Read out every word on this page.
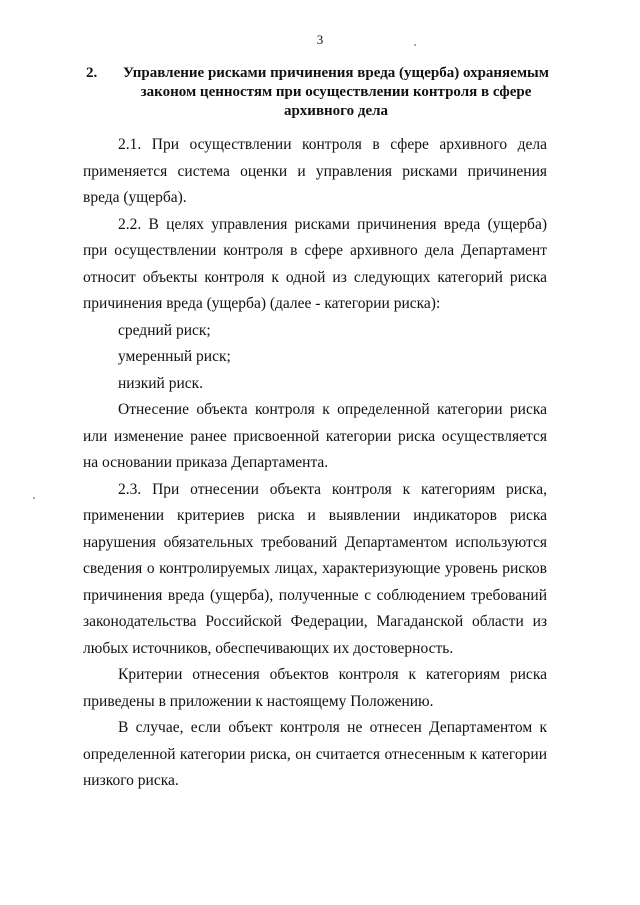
3
2. Управление рисками причинения вреда (ущерба) охраняемым законом ценностям при осуществлении контроля в сфере архивного дела

2.1. При осуществлении контроля в сфере архивного дела применяется система оценки и управления рисками причинения вреда (ущерба).

2.2. В целях управления рисками причинения вреда (ущерба) при осуществлении контроля в сфере архивного дела Департамент относит объекты контроля к одной из следующих категорий риска причинения вреда (ущерба) (далее - категории риска):

средний риск;

умеренный риск;

низкий риск.

Отнесение объекта контроля к определенной категории риска или изменение ранее присвоенной категории риска осуществляется на основании приказа Департамента.

2.3. При отнесении объекта контроля к категориям риска, применении критериев риска и выявлении индикаторов риска нарушения обязательных требований Департаментом используются сведения о контролируемых лицах, характеризующие уровень рисков причинения вреда (ущерба), полученные с соблюдением требований законодательства Российской Федерации, Магаданской области из любых источников, обеспечивающих их достоверность.

Критерии отнесения объектов контроля к категориям риска приведены в приложении к настоящему Положению.

В случае, если объект контроля не отнесен Департаментом к определенной категории риска, он считается отнесенным к категории низкого риска.
